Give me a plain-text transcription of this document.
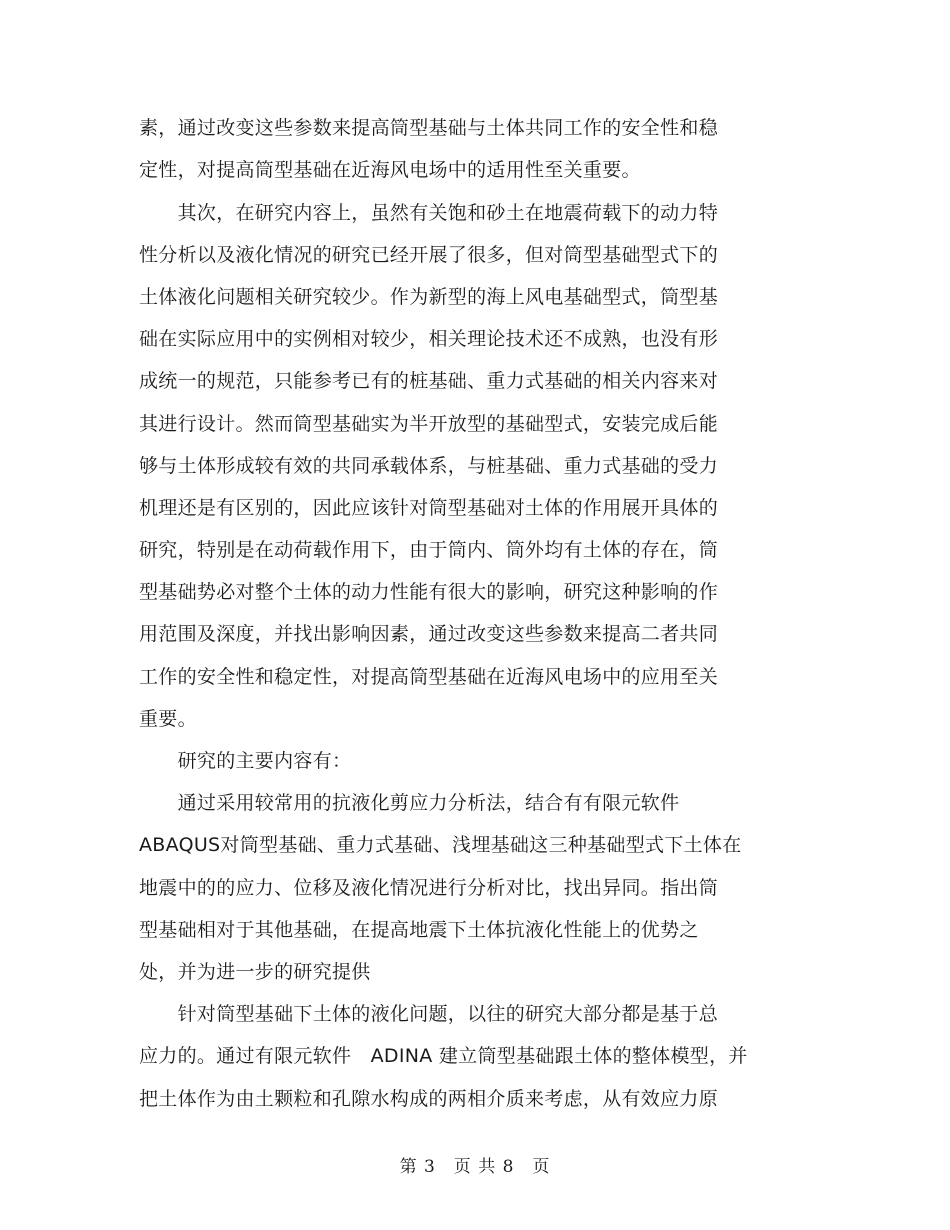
素，通过改变这些参数来提高筒型基础与土体共同工作的安全性和稳
定性，对提高筒型基础在近海风电场中的适用性至关重要。
　　其次，在研究内容上，虽然有关饱和砂土在地震荷载下的动力特
性分析以及液化情况的研究已经开展了很多，但对筒型基础型式下的
土体液化问题相关研究较少。作为新型的海上风电基础型式，筒型基
础在实际应用中的实例相对较少，相关理论技术还不成熟，也没有形
成统一的规范，只能参考已有的桩基础、重力式基础的相关内容来对
其进行设计。然而筒型基础实为半开放型的基础型式，安装完成后能
够与土体形成较有效的共同承载体系，与桩基础、重力式基础的受力
机理还是有区别的，因此应该针对筒型基础对土体的作用展开具体的
研究，特别是在动荷载作用下，由于筒内、筒外均有土体的存在，筒
型基础势必对整个土体的动力性能有很大的影响，研究这种影响的作
用范围及深度，并找出影响因素，通过改变这些参数来提高二者共同
工作的安全性和稳定性，对提高筒型基础在近海风电场中的应用至关
重要。
　　研究的主要内容有：
　　通过采用较常用的抗液化剪应力分析法，结合有有限元软件
ABAQUS对筒型基础、重力式基础、浅埋基础这三种基础型式下土体在
地震中的的应力、位移及液化情况进行分析对比，找出异同。指出筒
型基础相对于其他基础，在提高地震下土体抗液化性能上的优势之
处，并为进一步的研究提供
　　针对筒型基础下土体的液化问题，以往的研究大部分都是基于总
应力的。通过有限元软件　ADINA 建立筒型基础跟土体的整体模型，并
把土体作为由土颗粒和孔隙水构成的两相介质来考虑，从有效应力原
第 3　页 共 8　页
